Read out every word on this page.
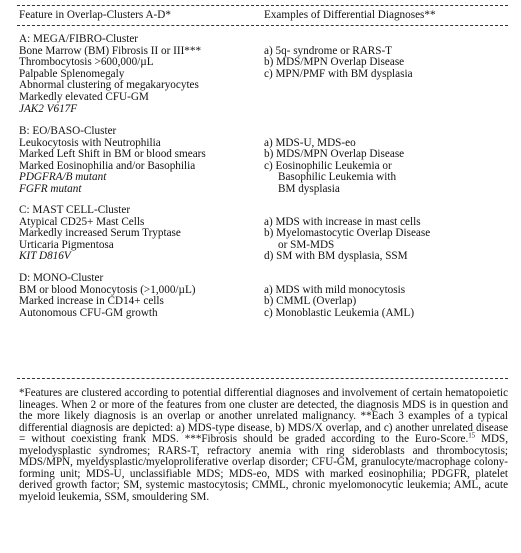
Feature in Overlap-Clusters A-D*	Examples of Differential Diagnoses**
A: MEGA/FIBRO-Cluster
Bone Marrow (BM) Fibrosis II or III***	a) 5q- syndrome or RARS-T
Thrombocytosis >600,000/µL	b) MDS/MPN Overlap Disease
Palpable Splenomegaly	c) MPN/PMF with BM dysplasia
Abnormal clustering of megakaryocytes
Markedly elevated CFU-GM
JAK2 V617F
B: EO/BASO-Cluster
Leukocytosis with Neutrophilia	a) MDS-U, MDS-eo
Marked Left Shift in BM or blood smears	b) MDS/MPN Overlap Disease
Marked Eosinophilia and/or Basophilia	c) Eosinophilic Leukemia or
PDGFRA/B mutant	Basophilic Leukemia with
FGFR mutant	BM dysplasia
C: MAST CELL-Cluster
Atypical CD25+ Mast Cells	a) MDS with increase in mast cells
Markedly increased Serum Tryptase	b) Myelomastocytic Overlap Disease
Urticaria Pigmentosa	or SM-MDS
KIT D816V	d) SM with BM dysplasia, SSM
D: MONO-Cluster
BM or blood Monocytosis (>1,000/µL)	a) MDS with mild monocytosis
Marked increase in CD14+ cells	b) CMML (Overlap)
Autonomous CFU-GM growth	c) Monoblastic Leukemia (AML)
*Features are clustered according to potential differential diagnoses and involvement of certain hematopoietic lineages. When 2 or more of the features from one cluster are detected, the diagnosis MDS is in question and the more likely diagnosis is an overlap or another unrelated malignancy. **Each 3 examples of a typical differential diagnosis are depicted: a) MDS-type disease, b) MDS/X overlap, and c) another unrelated disease = without coexisting frank MDS. ***Fibrosis should be graded according to the Euro-Score.$^{15}$ MDS, myelodysplastic syndromes; RARS-T, refractory anemia with ring sideroblasts and thrombocytosis; MDS/MPN, myeldysplastic/myeloproliferative overlap disorder; CFU-GM, granulocyte/macrophage colony-forming unit; MDS-U, unclassifiable MDS; MDS-eo, MDS with marked eosinophilia; PDGFR, platelet derived growth factor; SM, systemic mastocytosis; CMML, chronic myelomonocytic leukemia; AML, acute myeloid leukemia, SSM, smouldering SM.
